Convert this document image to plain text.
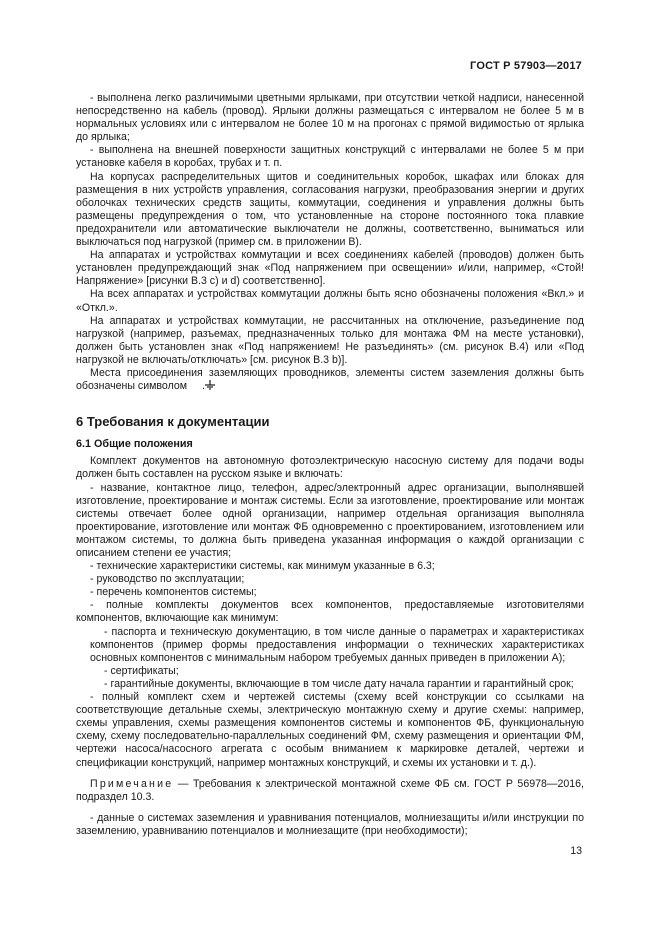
ГОСТ Р 57903—2017

- выполнена легко различимыми цветными ярлыками, при отсутствии четкой надписи, нанесенной непосредственно на кабель (провод). Ярлыки должны размещаться с интервалом не более 5 м в нормальных условиях или с интервалом не более 10 м на прогонах с прямой видимостью от ярлыка до ярлыка;

- выполнена на внешней поверхности защитных конструкций с интервалами не более 5 м при установке кабеля в коробах, трубах и т. п.

На корпусах распределительных щитов и соединительных коробок, шкафах или блоках для размещения в них устройств управления, согласования нагрузки, преобразования энергии и других оболочках технических средств защиты, коммутации, соединения и управления должны быть размещены предупреждения о том, что установленные на стороне постоянного тока плавкие предохранители или автоматические выключатели не должны, соответственно, выниматься или выключаться под нагрузкой (пример см. в приложении В).

На аппаратах и устройствах коммутации и всех соединениях кабелей (проводов) должен быть установлен предупреждающий знак «Под напряжением при освещении» и/или, например, «Стой! Напряжение» [рисунки В.3 с) и d) соответственно].

На всех аппаратах и устройствах коммутации должны быть ясно обозначены положения «Вкл.» и «Откл.».

На аппаратах и устройствах коммутации, не рассчитанных на отключение, разъединение под нагрузкой (например, разъемах, предназначенных только для монтажа ФМ на месте установки), должен быть установлен знак «Под напряжением! Не разъединять» (см. рисунок В.4) или «Под нагрузкой не включать/отключать» [см. рисунок В.3 b)].

Места присоединения заземляющих проводников, элементы систем заземления должны быть обозначены символом .

6 Требования к документации
6.1 Общие положения

Комплект документов на автономную фотоэлектрическую насосную систему для подачи воды должен быть составлен на русском языке и включать:

- название, контактное лицо, телефон, адрес/электронный адрес организации, выполнявшей изготовление, проектирование и монтаж системы. Если за изготовление, проектирование или монтаж системы отвечает более одной организации, например отдельная организация выполняла проектирование, изготовление или монтаж ФБ одновременно с проектированием, изготовлением или монтажом системы, то должна быть приведена указанная информация о каждой организации с описанием степени ее участия;

- технические характеристики системы, как минимум указанные в 6.3;

- руководство по эксплуатации;

- перечень компонентов системы;

- полные комплекты документов всех компонентов, предоставляемые изготовителями компонентов, включающие как минимум:

- паспорта и техническую документацию, в том числе данные о параметрах и характеристиках компонентов (пример формы предоставления информации о технических характеристиках основных компонентов с минимальным набором требуемых данных приведен в приложении А);

- сертификаты;

- гарантийные документы, включающие в том числе дату начала гарантии и гарантийный срок;

- полный комплект схем и чертежей системы (схему всей конструкции со ссылками на соответствующие детальные схемы, электрическую монтажную схему и другие схемы: например, схемы управления, схемы размещения компонентов системы и компонентов ФБ, функциональную схему, схему последовательно-параллельных соединений ФМ, схему размещения и ориентации ФМ, чертежи насоса/насосного агрегата с особым вниманием к маркировке деталей, чертежи и спецификации конструкций, например монтажных конструкций, и схемы их установки и т. д.).

Примечание — Требования к электрической монтажной схеме ФБ см. ГОСТ Р 56978—2016, подраздел 10.3.

- данные о системах заземления и уравнивания потенциалов, молниезащиты и/или инструкции по заземлению, уравниванию потенциалов и молниезащите (при необходимости);

13
